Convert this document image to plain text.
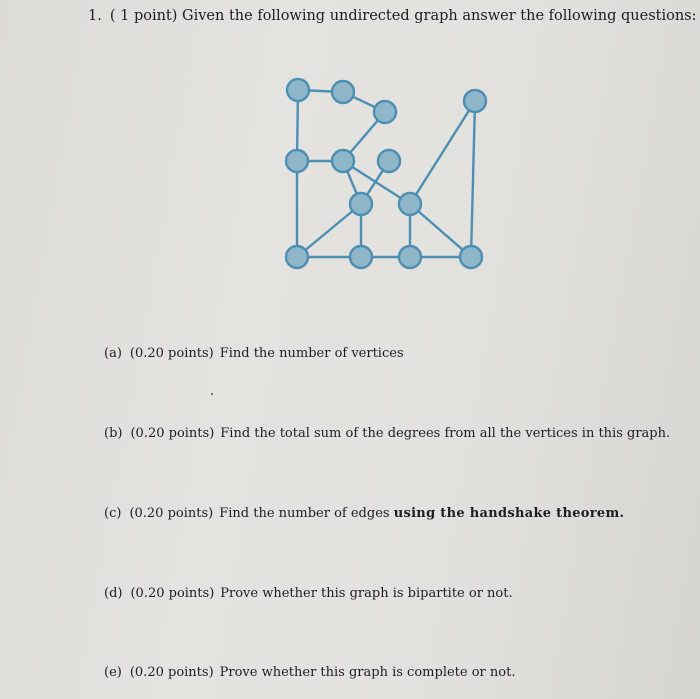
1. ( 1 point) Given the following undirected graph answer the following questions:
(a) (0.20 points) Find the number of vertices
(b) (0.20 points) Find the total sum of the degrees from all the vertices in this graph.
(c) (0.20 points) Find the number of edges using the handshake theorem.
(d) (0.20 points) Prove whether this graph is bipartite or not.
(e) (0.20 points) Prove whether this graph is complete or not.
